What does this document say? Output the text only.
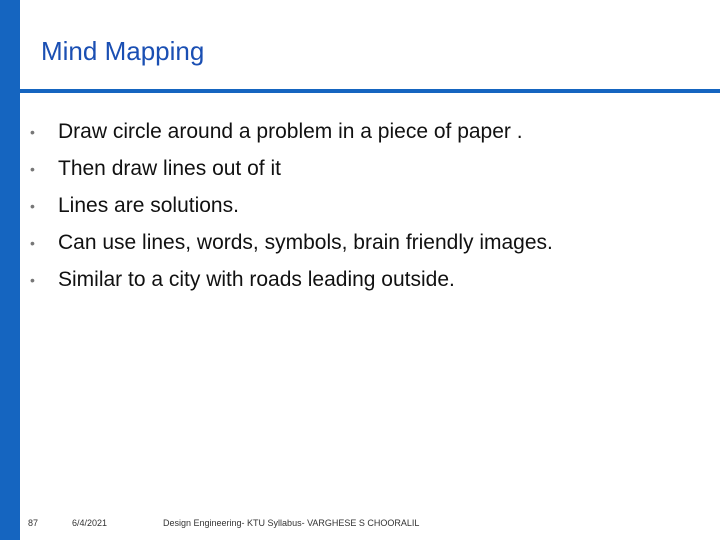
Mind Mapping
• Draw circle around a problem in a piece of paper .
• Then draw lines out of it
• Lines are solutions.
• Can use lines, words, symbols, brain friendly images.
• Similar to a city with roads leading outside.
87	6/4/2021	Design Engineering- KTU Syllabus- VARGHESE S CHOORALIL
